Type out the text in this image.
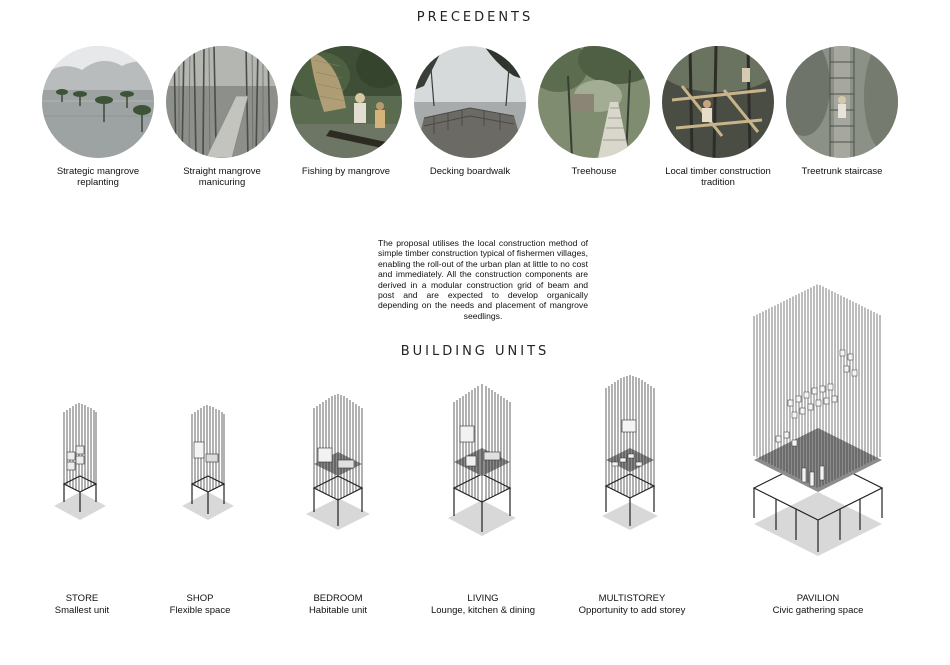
PRECEDENTS
Strategic mangrove replanting
Straight mangrove manicuring
Fishing by mangrove	Decking boardwalk	Treehouse	Local timber construction tradition
Treetrunk staircase
The proposal utilises the local construction method of simple timber construction typical of fishermen villages, enabling the roll-out of the urban plan at little to no cost and immediately. All the construction components are derived in a modular construction grid of beam and post and are expected to develop organically depending on the needs and placement of mangrove seedlings.
BUILDING UNITS
STORE
Smallest unit
SHOP
Flexible space
BEDROOM
Habitable unit
LIVING
Lounge, kitchen & dining
MULTISTOREY
Opportunity to add storey
PAVILION
Civic gathering space
